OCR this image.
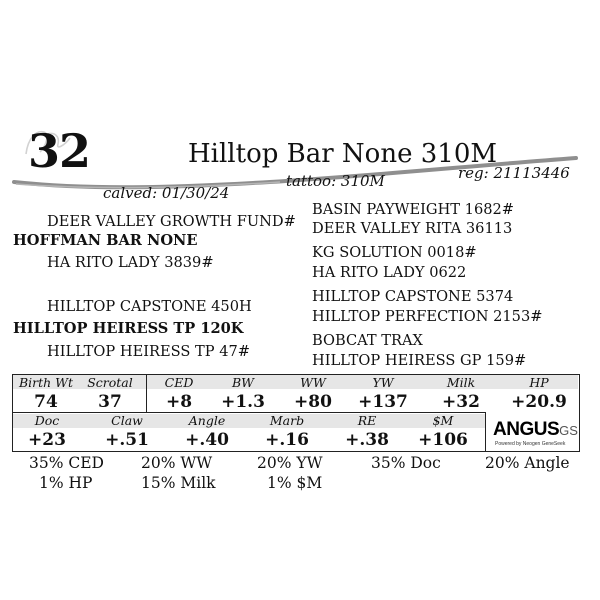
32	Hilltop Bar None 310M
calved: 01/30/24
tattoo: 310M	reg: 21113446
DEER VALLEY GROWTH FUND#
HOFFMAN BAR NONE
HA RITO LADY 3839#
HILLTOP CAPSTONE 450H
HILLTOP HEIRESS TP 120K
HILLTOP HEIRESS TP 47#
BASIN PAYWEIGHT 1682#
DEER VALLEY RITA 36113
KG SOLUTION 0018#
HA RITO LADY 0622
HILLTOP CAPSTONE 5374
HILLTOP PERFECTION 2153#
BOBCAT TRAX
HILLTOP HEIRESS GP 159#
Birth Wt	Scrotal
74	37
CED	BW	WW	YW	Milk	HP
+8	+1.3	+80	+137	+32	+20.9
Doc	Claw	Angle	Marb	RE	$M
+23	+.51	+.40	+.16	+.38	+106	ANGUSGS
Powered by Neogen GeneSeek
35% CED 20% WW	20% YW	35% Doc	20% Angle
1% HP	15% Milk	1% $M
